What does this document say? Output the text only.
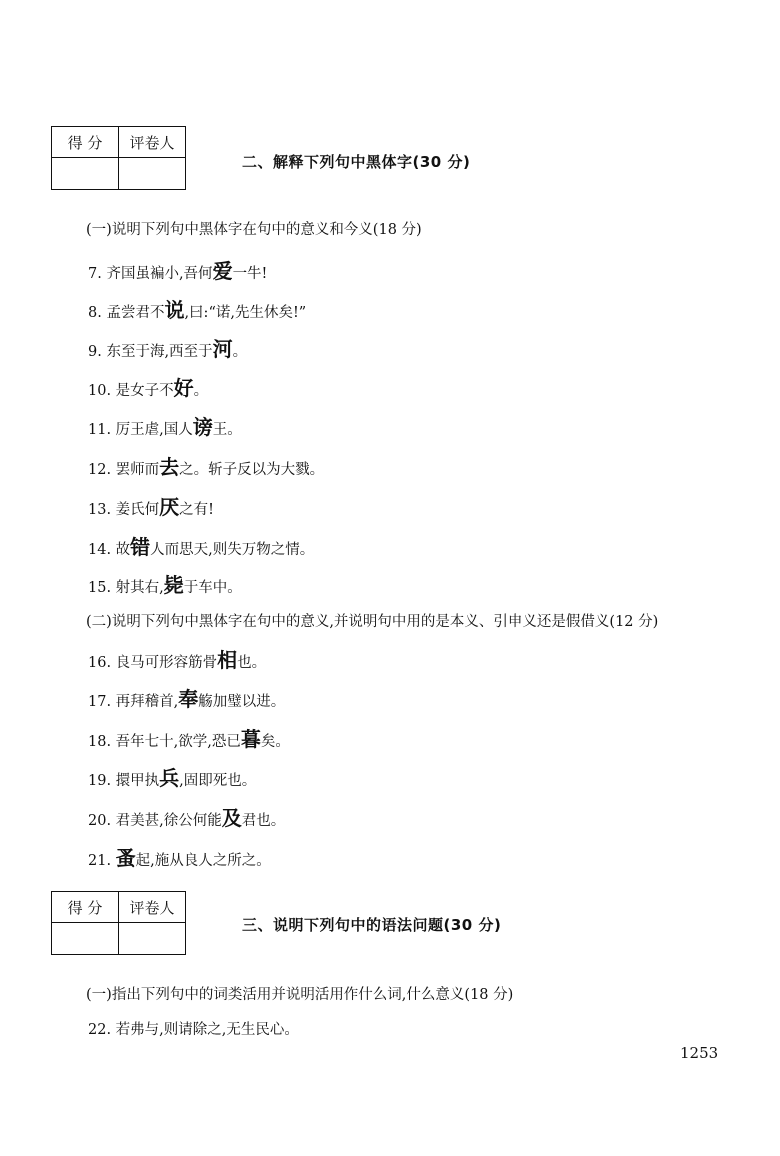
得 分	评卷人

二、解释下列句中黑体字(30 分)
(一)说明下列句中黑体字在句中的意义和今义(18 分)
7. 齐国虽褊小,吾何爱一牛!
8. 孟尝君不说,曰:“诺,先生休矣!”
9. 东至于海,西至于河。
10. 是女子不好。
11. 厉王虐,国人谤王。
12. 罢师而去之。斩子反以为大戮。
13. 姜氏何厌之有!
14. 故错人而思天,则失万物之情。
15. 射其右,毙于车中。
(二)说明下列句中黑体字在句中的意义,并说明句中用的是本义、引申义还是假借义(12 分)
16. 良马可形容筋骨相也。
17. 再拜稽首,奉觞加璧以进。
18. 吾年七十,欲学,恐已暮矣。
19. 擐甲执兵,固即死也。
20. 君美甚,徐公何能及君也。
21. 蚤起,施从良人之所之。
得 分	评卷人

三、说明下列句中的语法问题(30 分)
(一)指出下列句中的词类活用并说明活用作什么词,什么意义(18 分)
22. 若弗与,则请除之,无生民心。
1253
